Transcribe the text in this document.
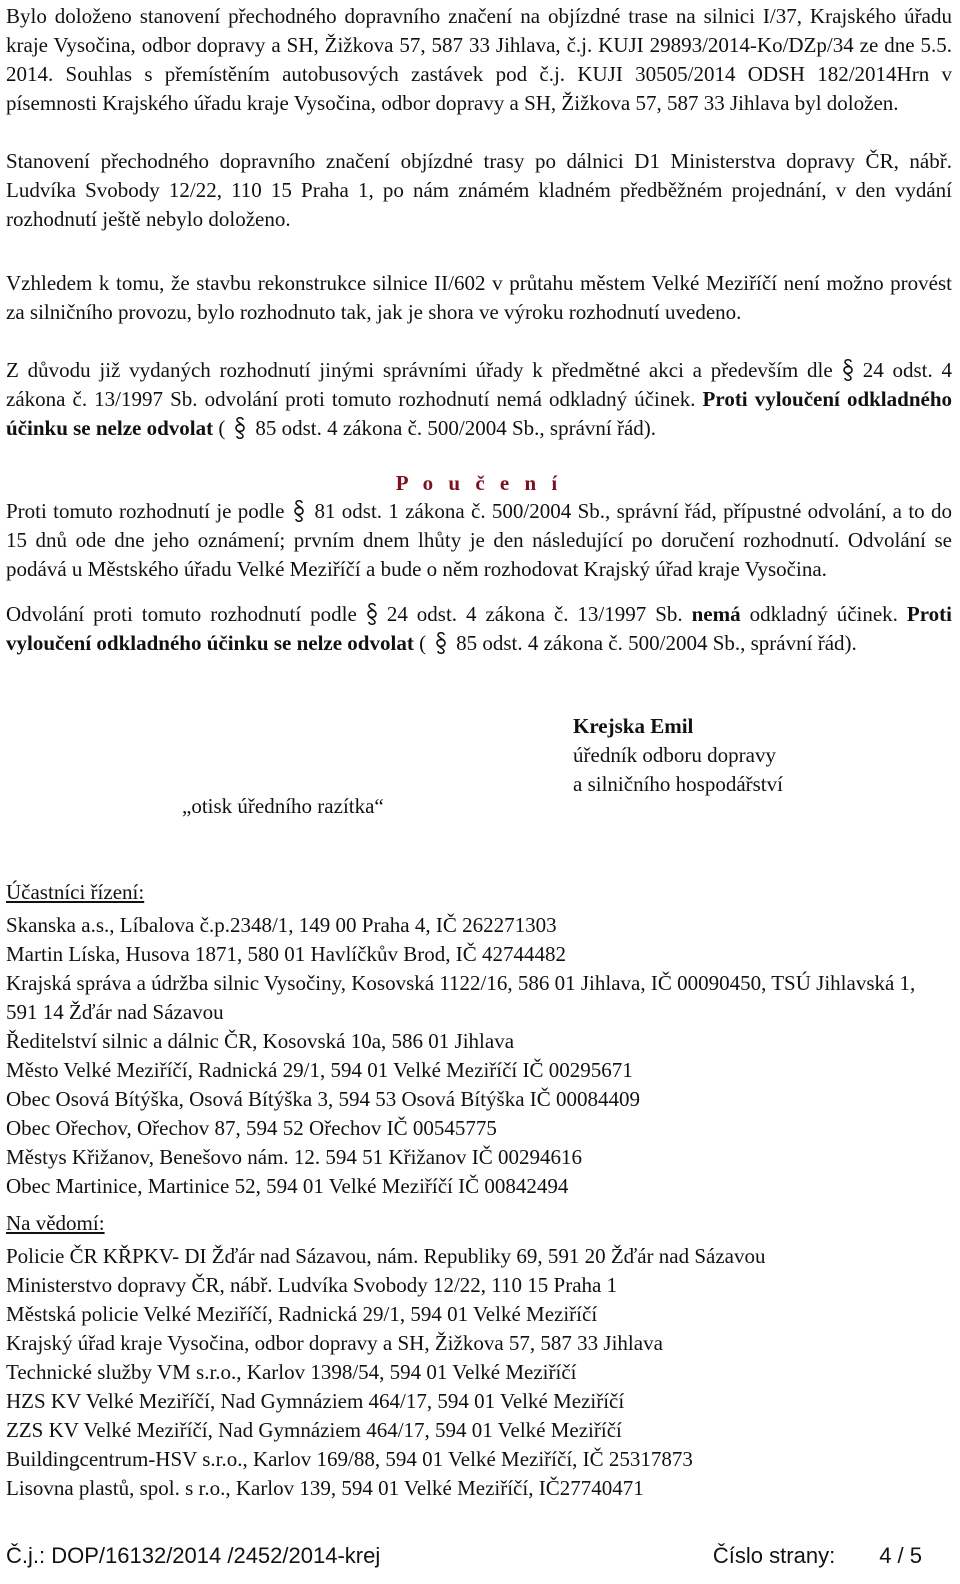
Bylo doloženo stanovení přechodného dopravního značení na objízdné trase na silnici I/37, Krajského úřadu kraje Vysočina, odbor dopravy a SH, Žižkova 57, 587 33 Jihlava, č.j. KUJI 29893/2014-Ko/DZp/34 ze dne 5.5. 2014. Souhlas s přemístěním autobusových zastávek pod č.j. KUJI 30505/2014 ODSH 182/2014Hrn v písemnosti Krajského úřadu kraje Vysočina, odbor dopravy a SH, Žižkova 57, 587 33 Jihlava byl doložen.

Stanovení přechodného dopravního značení objízdné trasy po dálnici D1 Ministerstva dopravy ČR, nábř. Ludvíka Svobody 12/22, 110 15 Praha 1, po nám známém kladném předběžném projednání, v den vydání rozhodnutí ještě nebylo doloženo.

Vzhledem k tomu, že stavbu rekonstrukce silnice II/602 v průtahu městem Velké Meziříčí není možno provést za silničního provozu, bylo rozhodnuto tak, jak je shora ve výroku rozhodnutí uvedeno.

Z důvodu již vydaných rozhodnutí jinými správními úřady k předmětné akci a především dle 24 odst. 4 zákona č. 13/1997 Sb. odvolání proti tomuto rozhodnutí nemá odkladný účinek. Proti vyloučení odkladného účinku se nelze odvolat ( 85 odst. 4 zákona č. 500/2004 Sb., správní řád).

P o u č e n í

Proti tomuto rozhodnutí je podle 81 odst. 1 zákona č. 500/2004 Sb., správní řád, přípustné odvolání, a to do 15 dnů ode dne jeho oznámení; prvním dnem lhůty je den následující po doručení rozhodnutí. Odvolání se podává u Městského úřadu Velké Meziříčí a bude o něm rozhodovat Krajský úřad kraje Vysočina.

Odvolání proti tomuto rozhodnutí podle 24 odst. 4 zákona č. 13/1997 Sb. nemá odkladný účinek. Proti vyloučení odkladného účinku se nelze odvolat ( 85 odst. 4 zákona č. 500/2004 Sb., správní řád).

Krejska Emil
úředník odboru dopravy
a silničního hospodářství
„otisk úředního razítka“
Účastníci řízení:
Skanska a.s., Líbalova č.p.2348/1, 149 00 Praha 4, IČ 262271303
Martin Líska, Husova 1871, 580 01 Havlíčkův Brod, IČ 42744482
Krajská správa a údržba silnic Vysočiny, Kosovská 1122/16, 586 01 Jihlava, IČ 00090450, TSÚ Jihlavská 1, 591 14 Žďár nad Sázavou
Ředitelství silnic a dálnic ČR, Kosovská 10a, 586 01 Jihlava
Město Velké Meziříčí, Radnická 29/1, 594 01 Velké Meziříčí IČ 00295671
Obec Osová Bítýška, Osová Bítýška 3, 594 53 Osová Bítýška IČ 00084409
Obec Ořechov, Ořechov 87, 594 52 Ořechov IČ 00545775
Městys Křižanov, Benešovo nám. 12. 594 51 Křižanov IČ 00294616
Obec Martinice, Martinice 52, 594 01 Velké Meziříčí IČ 00842494
Na vědomí:
Policie ČR KŘPKV- DI Žďár nad Sázavou, nám. Republiky 69, 591 20 Žďár nad Sázavou
Ministerstvo dopravy ČR, nábř. Ludvíka Svobody 12/22, 110 15 Praha 1
Městská policie Velké Meziříčí, Radnická 29/1, 594 01 Velké Meziříčí
Krajský úřad kraje Vysočina, odbor dopravy a SH, Žižkova 57, 587 33 Jihlava
Technické služby VM s.r.o., Karlov 1398/54, 594 01 Velké Meziříčí
HZS KV Velké Meziříčí, Nad Gymnáziem 464/17, 594 01 Velké Meziříčí
ZZS KV Velké Meziříčí, Nad Gymnáziem 464/17, 594 01 Velké Meziříčí
Buildingcentrum-HSV s.r.o., Karlov 169/88, 594 01 Velké Meziříčí, IČ 25317873
Lisovna plastů, spol. s r.o., Karlov 139, 594 01 Velké Meziříčí, IČ27740471
Č.j.: DOP/16132/2014 /2452/2014-krej	Číslo strany: 4 / 5
